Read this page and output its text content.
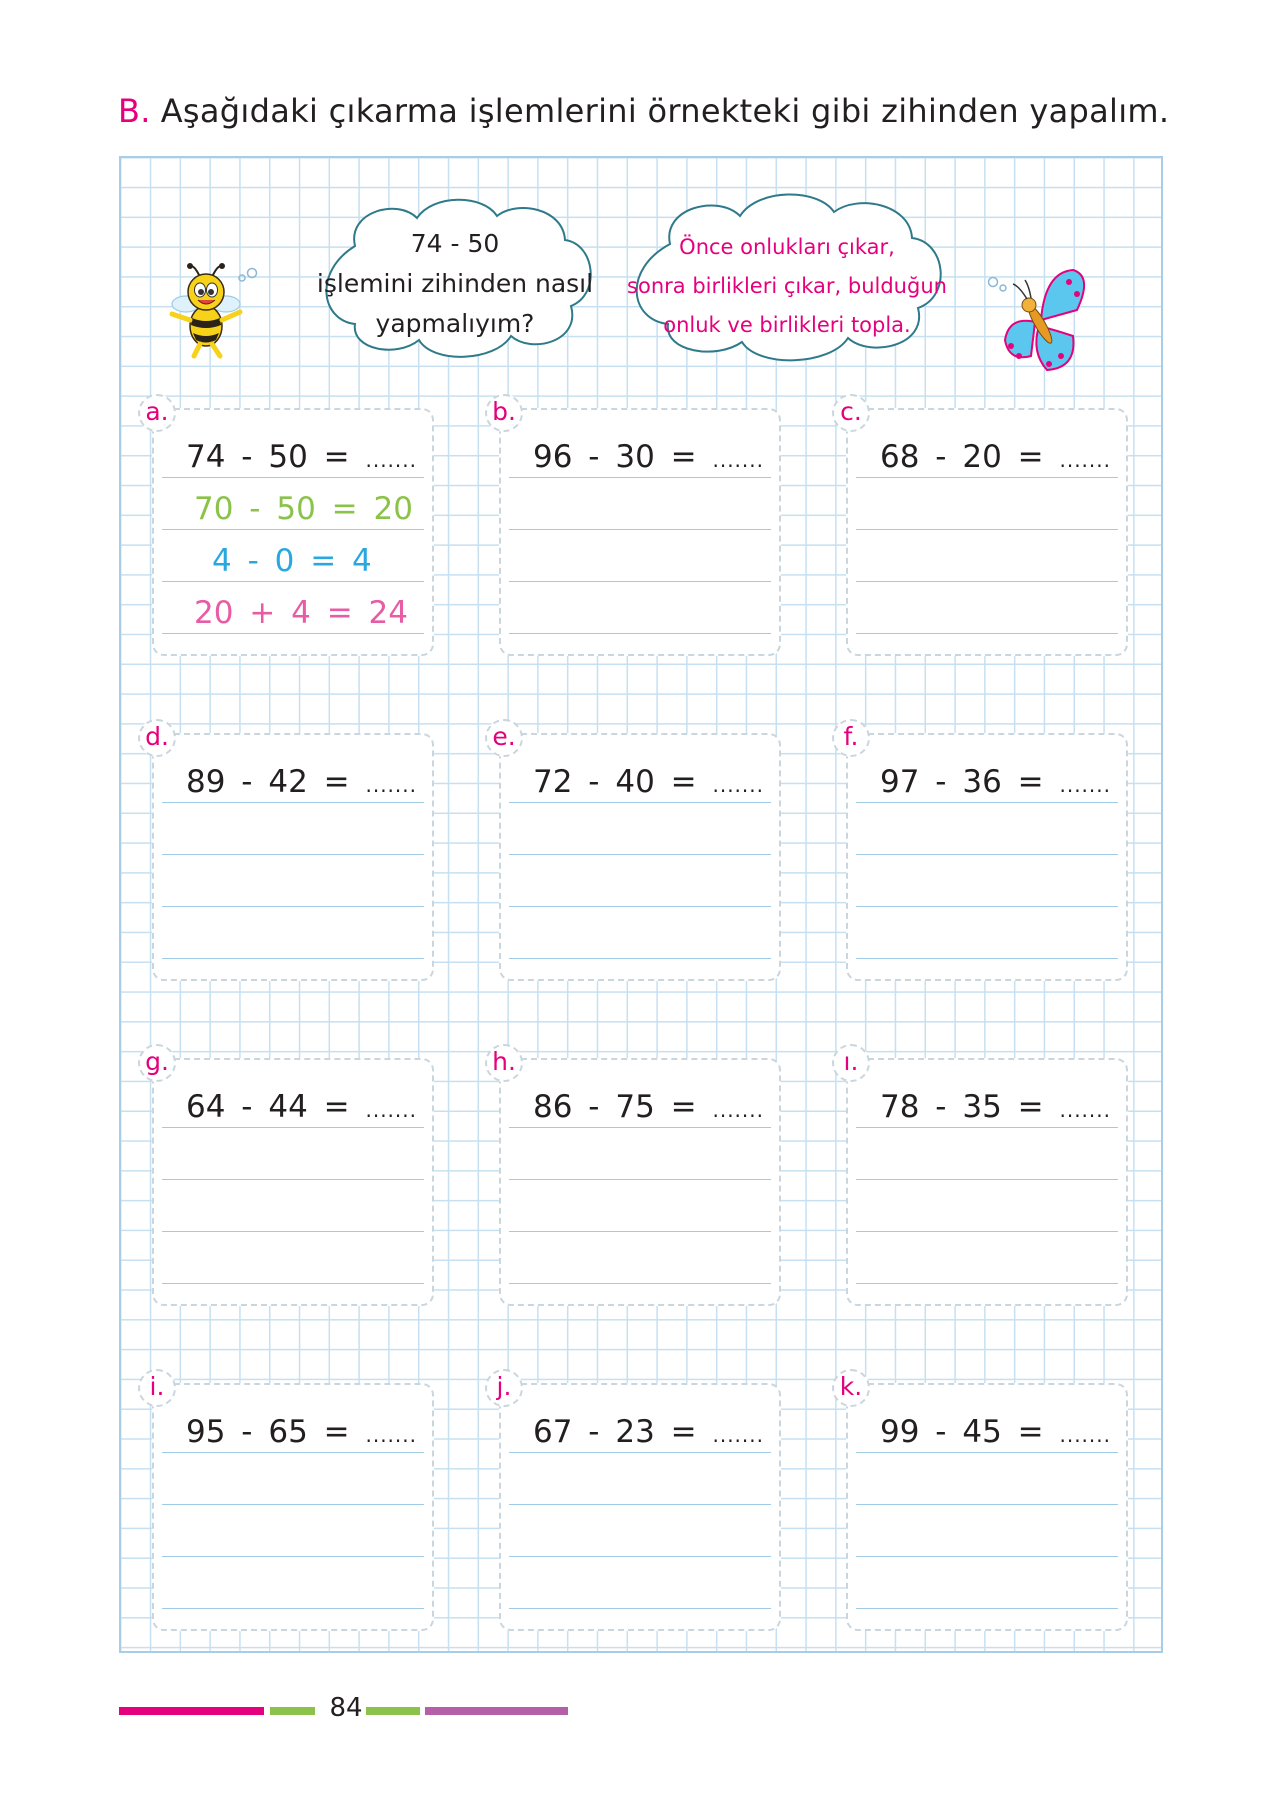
B. Aşağıdaki çıkarma işlemlerini örnekteki gibi zihinden yapalım.
74 - 50
işlemini zihinden nasıl
yapmalıyım?
Önce onlukları çıkar,
sonra birlikleri çıkar, bulduğun
onluk ve birlikleri topla.
a.
74 - 50 = .......
70 - 50 = 20
4 - 0 = 4
20 + 4 = 24
b.
96 - 30 = .......
c.
68 - 20 = .......
d.
89 - 42 = .......
e.
72 - 40 = .......
f.
97 - 36 = .......
g.
64 - 44 = .......
h.
86 - 75 = .......
ı.
78 - 35 = .......
i.
95 - 65 = .......
j.
67 - 23 = .......
k.
99 - 45 = .......
84
